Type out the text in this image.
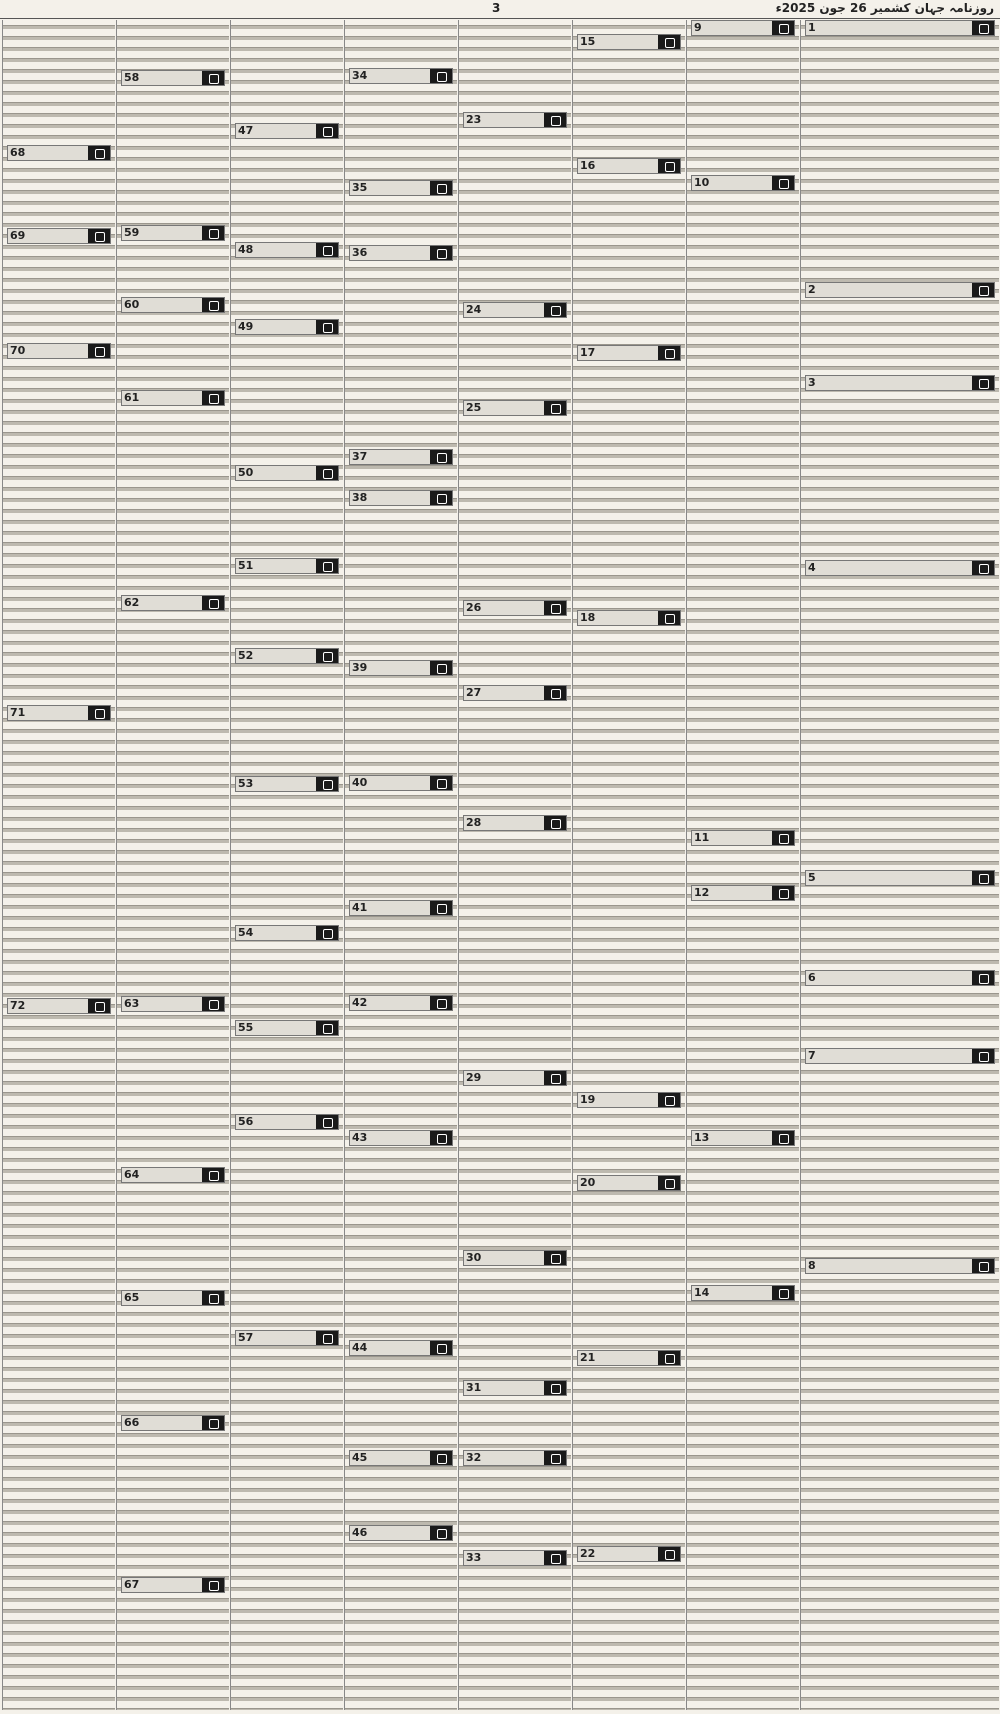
روزنامہ جہان کشمیر 26 جون 2025ء
3
68
69
70
71
72
58
59
60
61
62
63
64
65
66
67
47
48
49
50
51
52
53
54
55
56
57
34
35
36
37
38
39
40
41
42
43
44
45
46
23
24
25
26
27
28
29
30
31
32
33
15
16
17
18
19
20
21
22
9
10
11
12
13
14
1
2
3
4
5
6
7
8
